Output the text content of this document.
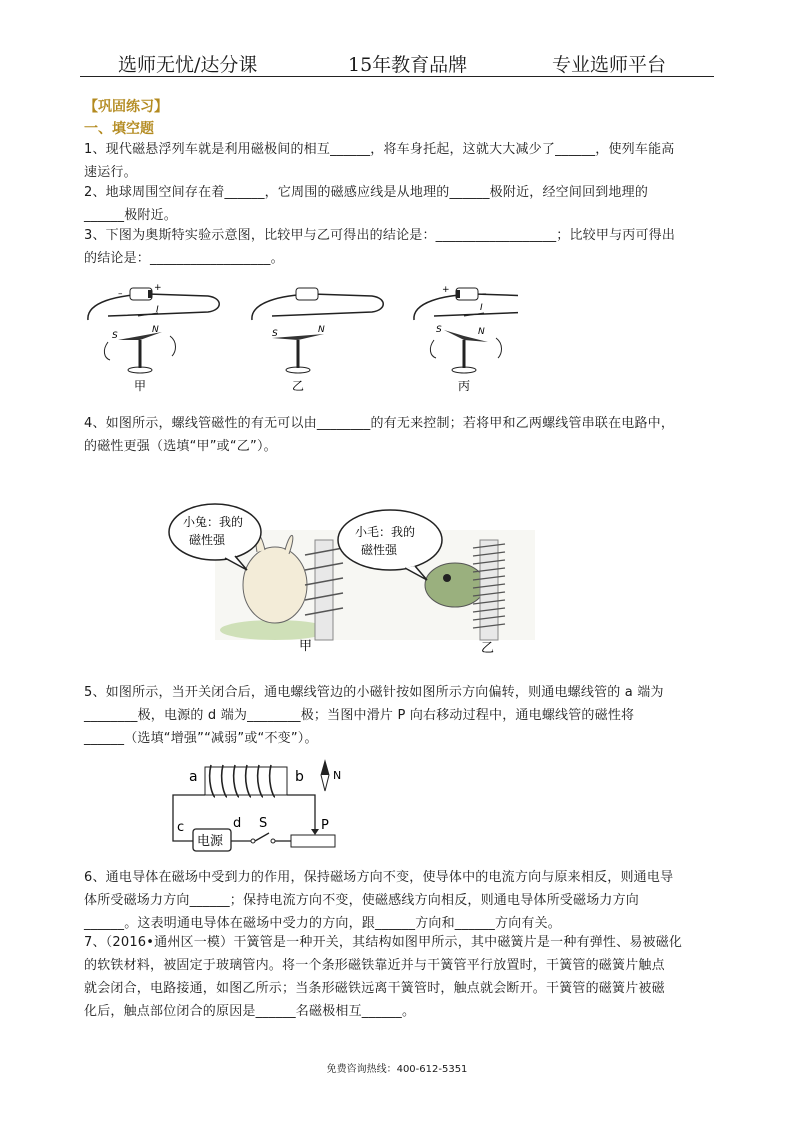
选师无忧/达分课	15年教育品牌	专业选师平台
【巩固练习】
一、填空题
1、现代磁悬浮列车就是利用磁极间的相互______，将车身托起，这就大大减少了______，使列车能高
速运行。
2、地球周围空间存在着______，它周围的磁感应线是从地理的______极附近，经空间回到地理的
______极附近。
3、下图为奥斯特实验示意图，比较甲与乙可得出的结论是：__________________；比较甲与丙可得出
的结论是：__________________。
–
+
I
S
N
甲
S	N
乙
+	–
I
S	N
丙
4、如图所示，螺线管磁性的有无可以由________的有无来控制；若将甲和乙两螺线管串联在电路中，
的磁性更强（选填“甲”或“乙”）。
小兔：我的
磁性强
小毛：我的
磁性强
甲	乙
5、如图所示，当开关闭合后，通电螺线管边的小磁针按如图所示方向偏转，则通电螺线管的 a 端为
________极，电源的 d 端为________极；当图中滑片 P 向右移动过程中，通电螺线管的磁性将
______（选填“增强”“减弱”或“不变”）。
a	b
c
电源
d S	P
N
6、通电导体在磁场中受到力的作用，保持磁场方向不变，使导体中的电流方向与原来相反，则通电导
体所受磁场力方向______；保持电流方向不变，使磁感线方向相反，则通电导体所受磁场力方向
______。这表明通电导体在磁场中受力的方向，跟______方向和______方向有关。
7、（2016•通州区一模）干簧管是一种开关，其结构如图甲所示，其中磁簧片是一种有弹性、易被磁化
的软铁材料，被固定于玻璃管内。将一个条形磁铁靠近并与干簧管平行放置时，干簧管的磁簧片触点
就会闭合，电路接通，如图乙所示；当条形磁铁远离干簧管时，触点就会断开。干簧管的磁簧片被磁
化后，触点部位闭合的原因是______名磁极相互______。
免费咨询热线：400-612-5351
